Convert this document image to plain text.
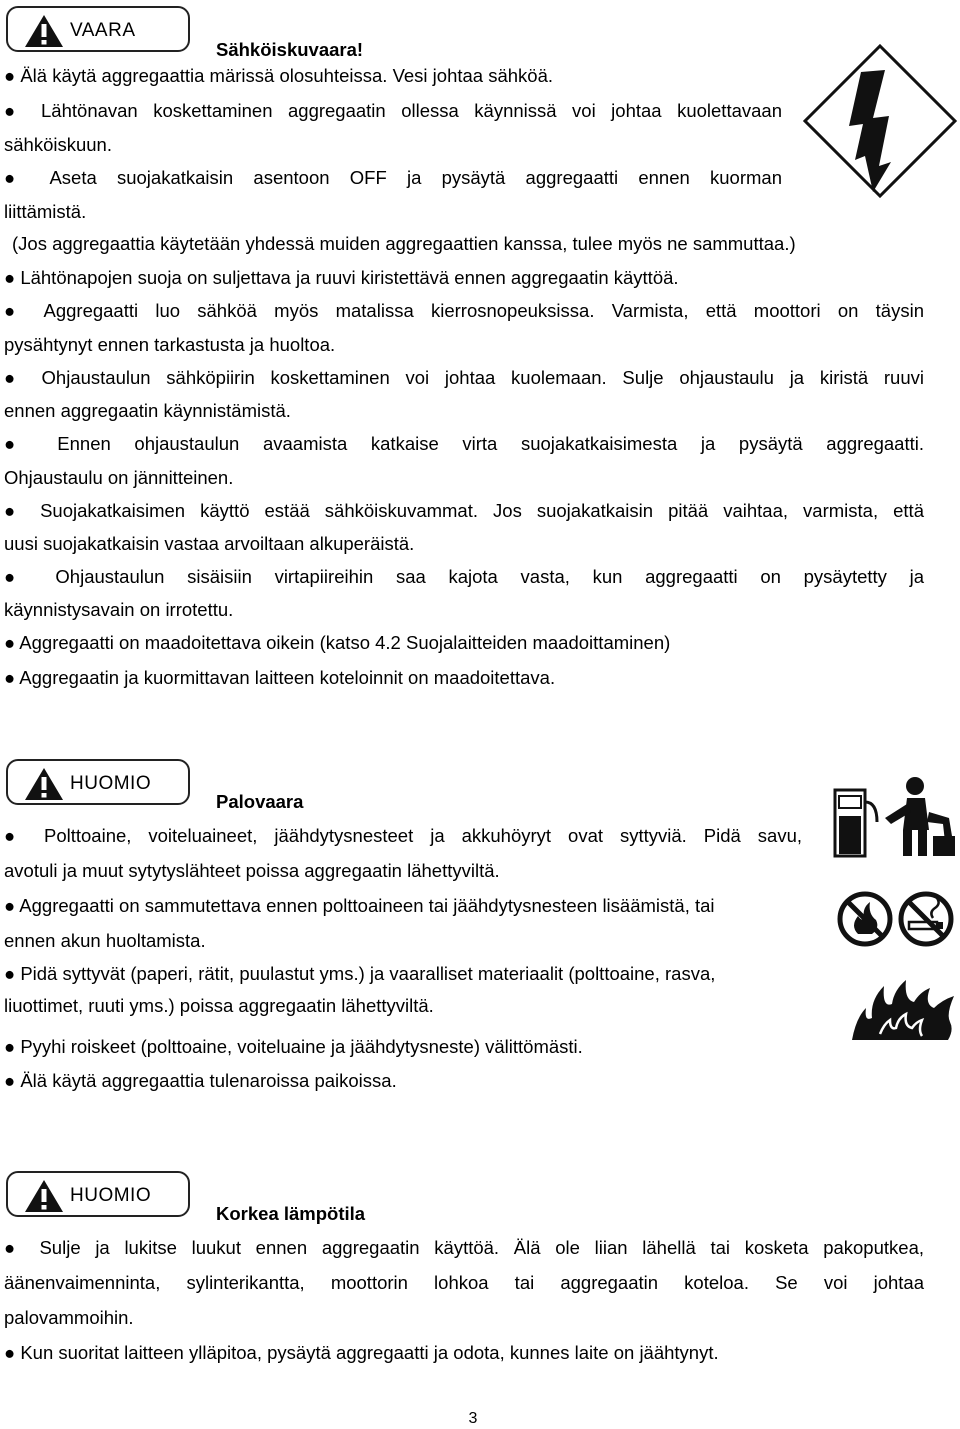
VAARA
Sähköiskuvaara!

● Älä käytä aggregaattia märissä olosuhteissa. Vesi johtaa sähköä.

● Lähtönavan koskettaminen aggregaatin ollessa käynnissä voi johtaa kuolettavaan

sähköiskuun.

● Aseta suojakatkaisin asentoon OFF ja pysäytä aggregaatti ennen kuorman

liittämistä.

(Jos aggregaattia käytetään yhdessä muiden aggregaattien kanssa, tulee myös ne sammuttaa.)

● Lähtönapojen suoja on suljettava ja ruuvi kiristettävä ennen aggregaatin käyttöä.

● Aggregaatti luo sähköä myös matalissa kierrosnopeuksissa. Varmista, että moottori on täysin

pysähtynyt ennen tarkastusta ja huoltoa.

● Ohjaustaulun sähköpiirin koskettaminen voi johtaa kuolemaan. Sulje ohjaustaulu ja kiristä ruuvi

ennen aggregaatin käynnistämistä.

● Ennen ohjaustaulun avaamista katkaise virta suojakatkaisimesta ja pysäytä aggregaatti.

Ohjaustaulu on jännitteinen.

● Suojakatkaisimen käyttö estää sähköiskuvammat. Jos suojakatkaisin pitää vaihtaa, varmista, että

uusi suojakatkaisin vastaa arvoiltaan alkuperäistä.

● Ohjaustaulun sisäisiin virtapiireihin saa kajota vasta, kun aggregaatti on pysäytetty ja

käynnistysavain on irrotettu.

● Aggregaatti on maadoitettava oikein (katso 4.2 Suojalaitteiden maadoittaminen)

● Aggregaatin ja kuormittavan laitteen koteloinnit on maadoitettava.

HUOMIO
Palovaara

● Polttoaine, voiteluaineet, jäähdytysnesteet ja akkuhöyryt ovat syttyviä. Pidä savu,

avotuli ja muut sytytyslähteet poissa aggregaatin lähettyviltä.

● Aggregaatti on sammutettava ennen polttoaineen tai jäähdytysnesteen lisäämistä, tai

ennen akun huoltamista.

● Pidä syttyvät (paperi, rätit, puulastut yms.) ja vaaralliset materiaalit (polttoaine, rasva,

liuottimet, ruuti yms.) poissa aggregaatin lähettyviltä.

● Pyyhi roiskeet (polttoaine, voiteluaine ja jäähdytysneste) välittömästi.

● Älä käytä aggregaattia tulenaroissa paikoissa.

HUOMIO
Korkea lämpötila

● Sulje ja lukitse luukut ennen aggregaatin käyttöä. Älä ole liian lähellä tai kosketa pakoputkea,

äänenvaimenninta, sylinterikantta, moottorin lohkoa tai aggregaatin koteloa. Se voi johtaa

palovammoihin.

● Kun suoritat laitteen ylläpitoa, pysäytä aggregaatti ja odota, kunnes laite on jäähtynyt.

3
